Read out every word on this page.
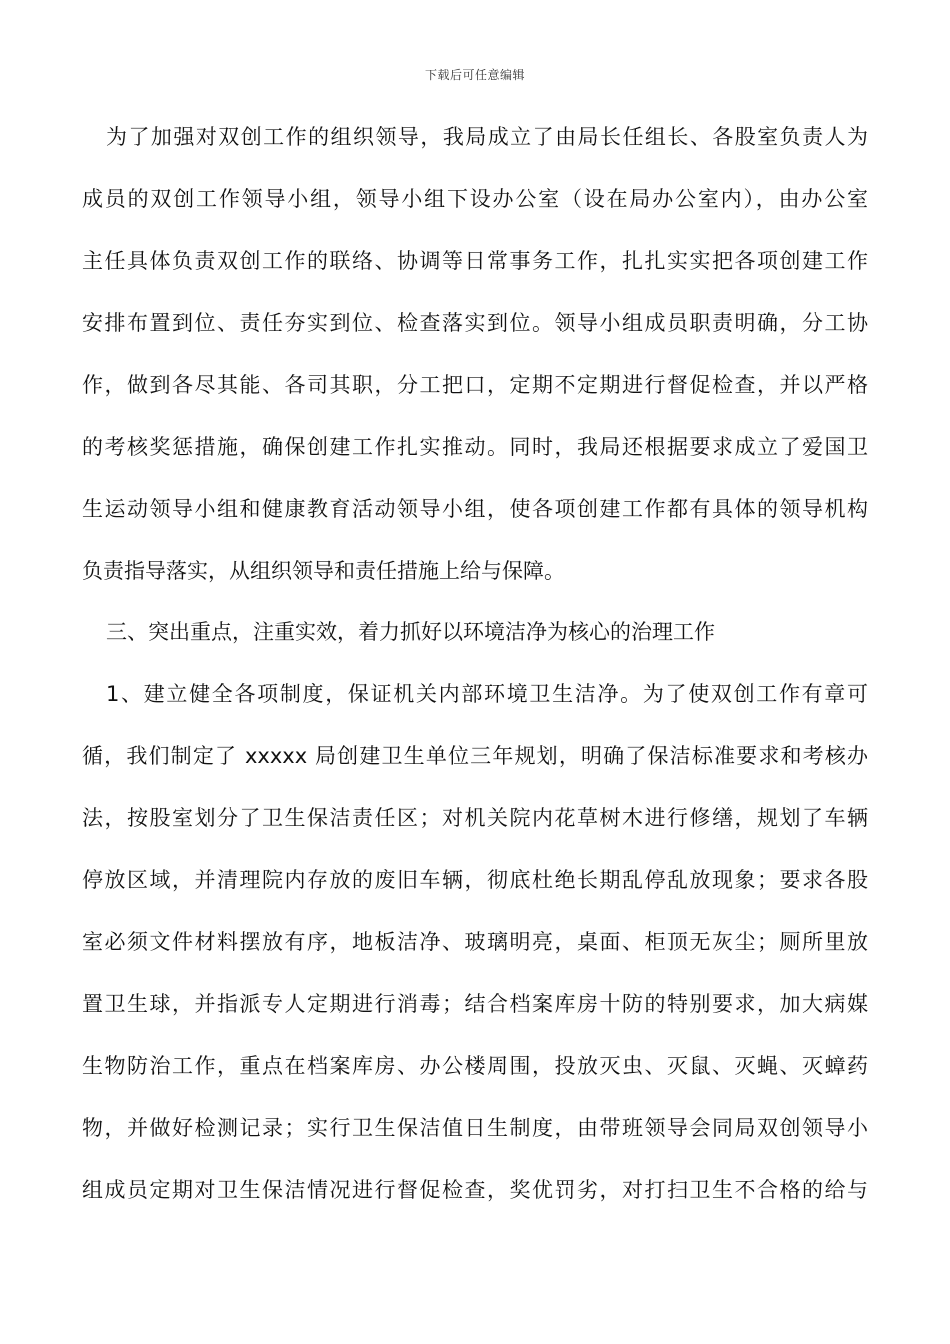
下载后可任意编辑
为了加强对双创工作的组织领导，我局成立了由局长任组长、各股室负责人为
成员的双创工作领导小组，领导小组下设办公室（设在局办公室内），由办公室
主任具体负责双创工作的联络、协调等日常事务工作，扎扎实实把各项创建工作
安排布置到位、责任夯实到位、检查落实到位。领导小组成员职责明确，分工协
作，做到各尽其能、各司其职，分工把口，定期不定期进行督促检查，并以严格
的考核奖惩措施，确保创建工作扎实推动。同时，我局还根据要求成立了爱国卫
生运动领导小组和健康教育活动领导小组，使各项创建工作都有具体的领导机构
负责指导落实，从组织领导和责任措施上给与保障。
三、突出重点，注重实效，着力抓好以环境洁净为核心的治理工作
1、建立健全各项制度，保证机关内部环境卫生洁净。为了使双创工作有章可
循，我们制定了 xxxxx 局创建卫生单位三年规划，明确了保洁标准要求和考核办
法，按股室划分了卫生保洁责任区；对机关院内花草树木进行修缮，规划了车辆
停放区域，并清理院内存放的废旧车辆，彻底杜绝长期乱停乱放现象；要求各股
室必须文件材料摆放有序，地板洁净、玻璃明亮，桌面、柜顶无灰尘；厕所里放
置卫生球，并指派专人定期进行消毒；结合档案库房十防的特别要求，加大病媒
生物防治工作，重点在档案库房、办公楼周围，投放灭虫、灭鼠、灭蝇、灭蟑药
物，并做好检测记录；实行卫生保洁值日生制度，由带班领导会同局双创领导小
组成员定期对卫生保洁情况进行督促检查，奖优罚劣，对打扫卫生不合格的给与
